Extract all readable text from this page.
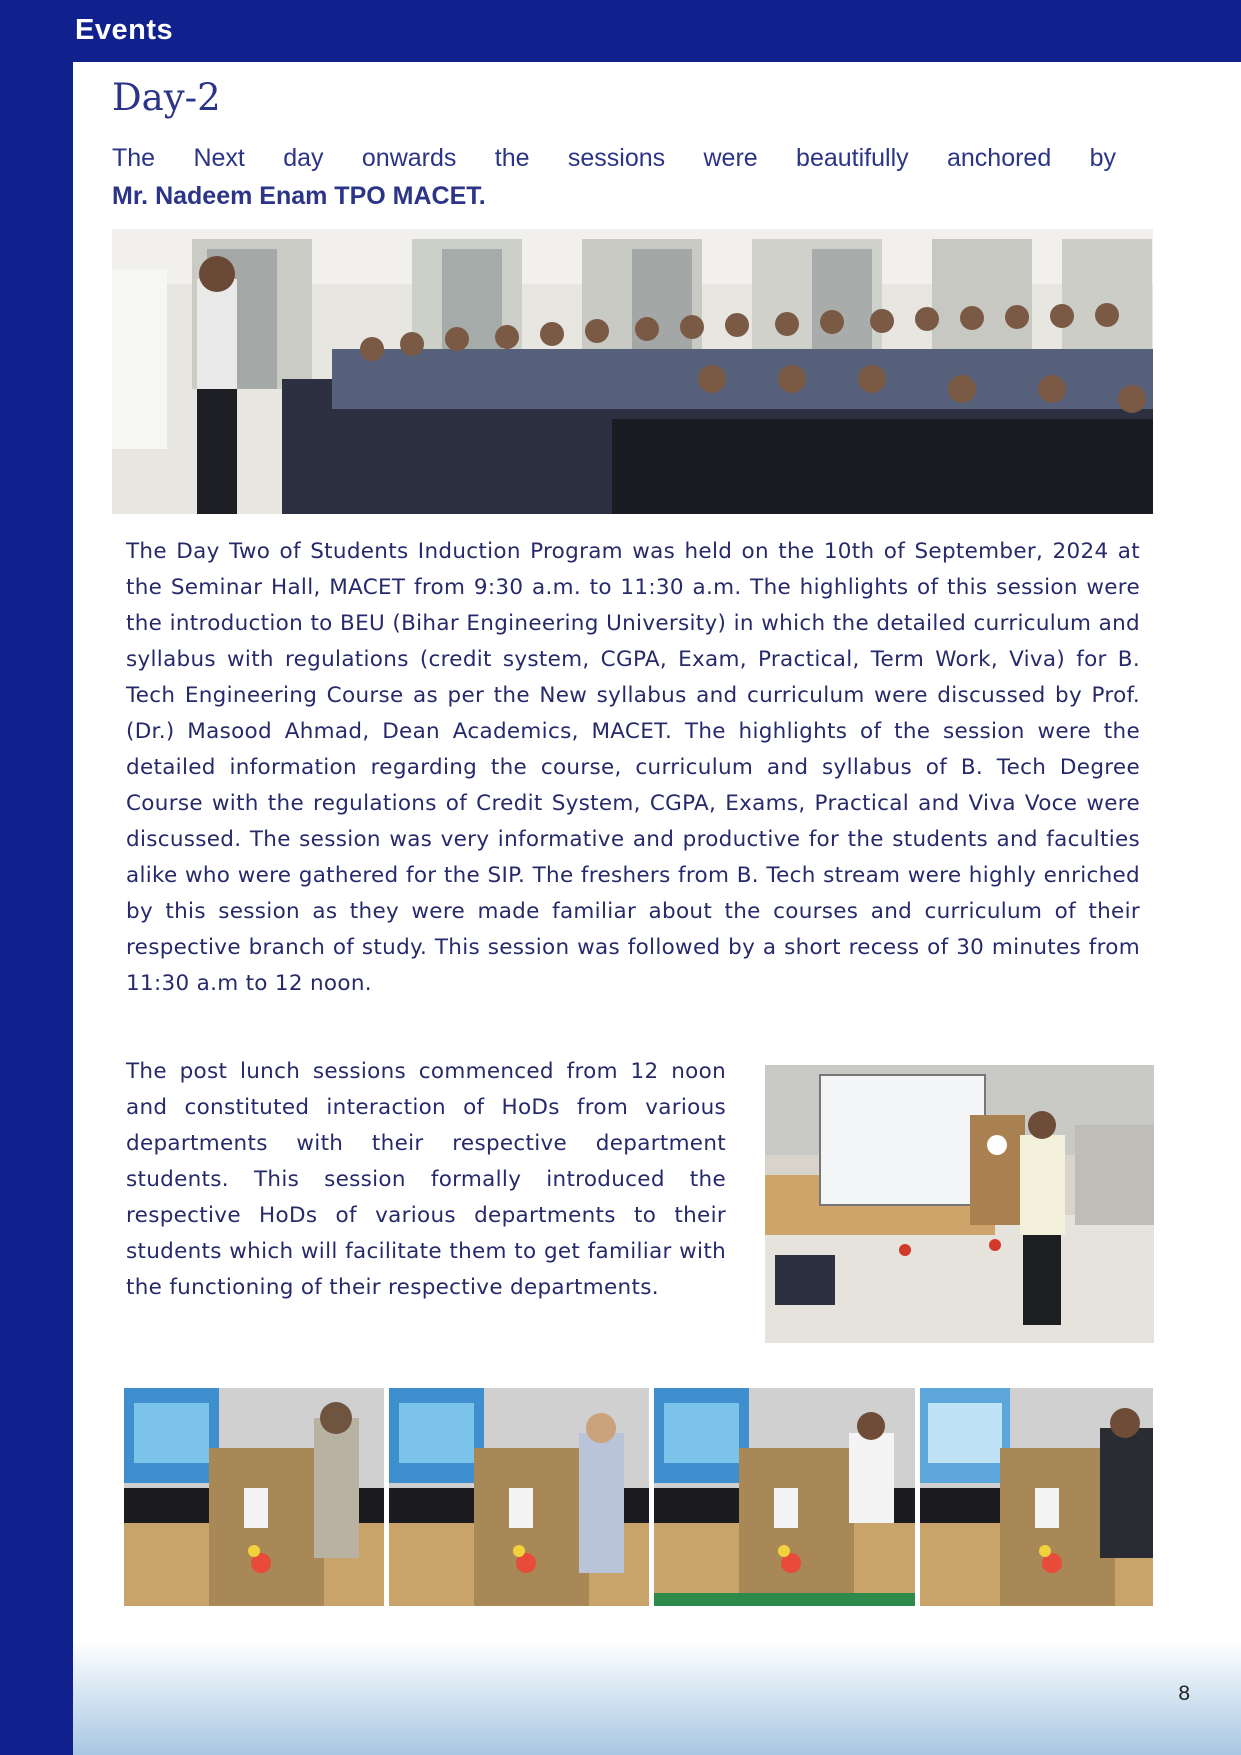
Events
Day-2
The Next day onwards the sessions were beautifully anchored by
Mr. Nadeem Enam TPO MACET.
The Day Two of Students Induction Program was held on the 10th of September, 2024 at the Seminar Hall, MACET from 9:30 a.m. to 11:30 a.m. The highlights of this session were the introduction to BEU (Bihar Engineering University) in which the detailed curriculum and syllabus with regulations (credit system, CGPA, Exam, Practical, Term Work, Viva) for B. Tech Engineering Course as per the New syllabus and curriculum were discussed by Prof. (Dr.) Masood Ahmad, Dean Academics, MACET. The highlights of the session were the detailed information regarding the course, curriculum and syllabus of B. Tech Degree Course with the regulations of Credit System, CGPA, Exams, Practical and Viva Voce were discussed. The session was very informative and productive for the students and faculties alike who were gathered for the SIP. The freshers from B. Tech stream were highly enriched by this session as they were made familiar about the courses and curriculum of their respective branch of study. This session was followed by a short recess of 30 minutes from 11:30 a.m to 12 noon.
The post lunch sessions commenced from 12 noon and constituted interaction of HoDs from various departments with their respective department students. This session formally introduced the respective HoDs of various departments to their students which will facilitate them to get familiar with the functioning of their respective departments.
8
